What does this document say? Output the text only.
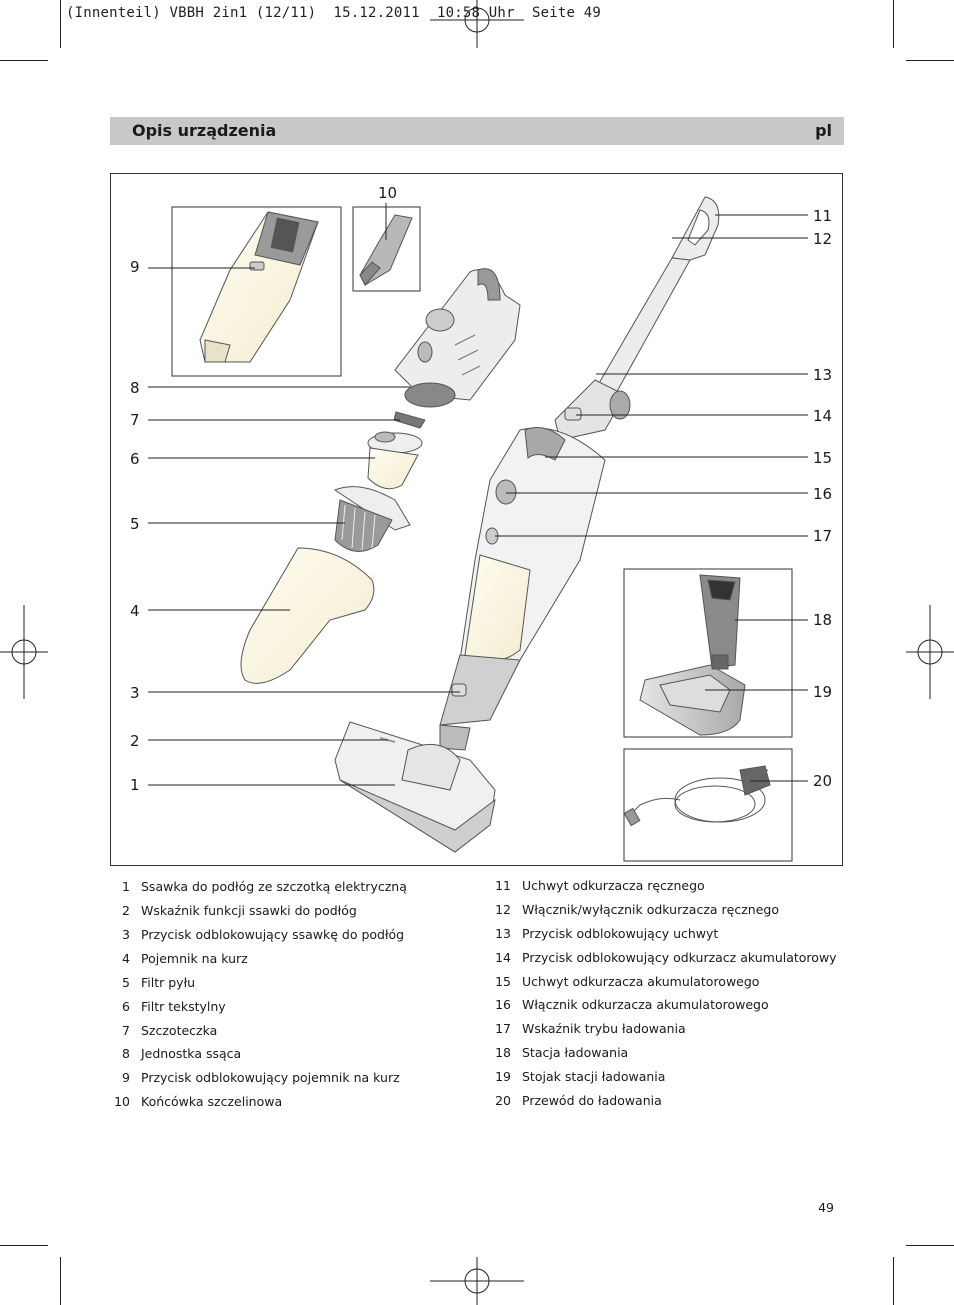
(Innenteil) VBBH 2in1 (12/11)  15.12.2011  10:58 Uhr  Seite 49
Opis urządzenia	pl
1
2
3
4
5
6
7
8
9
10
11
12
13
14
15
16
17
18
19
20
1 Ssawka do podłóg ze szczotką elektryczną
2 Wskaźnik funkcji ssawki do podłóg
3 Przycisk odblokowujący ssawkę do podłóg
4 Pojemnik na kurz
5 Filtr pyłu
6 Filtr tekstylny
7 Szczoteczka
8 Jednostka ssąca
9 Przycisk odblokowujący pojemnik na kurz
10 Końcówka szczelinowa
11 Uchwyt odkurzacza ręcznego
12 Włącznik/wyłącznik odkurzacza ręcznego
13 Przycisk odblokowujący uchwyt
14 Przycisk odblokowujący odkurzacz akumulatorowy
15 Uchwyt odkurzacza akumulatorowego
16 Włącznik odkurzacza akumulatorowego
17 Wskaźnik trybu ładowania
18 Stacja ładowania
19 Stojak stacji ładowania
20 Przewód do ładowania
49
